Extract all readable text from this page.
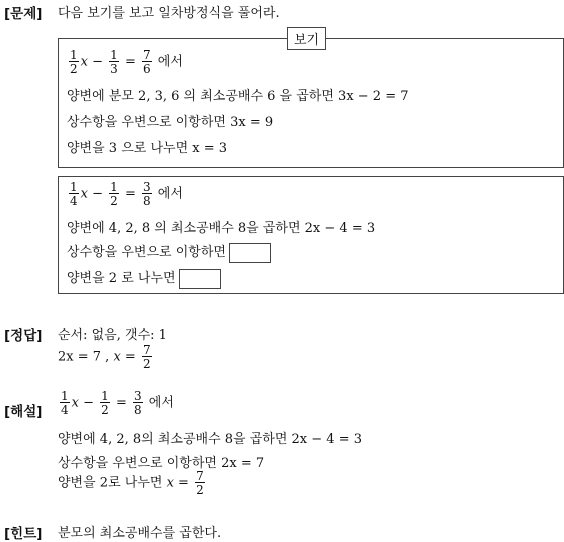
[문제] 다음 보기를 보고 일차방정식을 풀어라.
보기
$\frac{1}{2}$ $x - \frac{1}{3} = \frac{7}{6}$ 에서
양변에 분모 2, 3, 6 의 최소공배수 6 을 곱하면 3x − 2 = 7
상수항을 우변으로 이항하면 3x = 9
양변을 3 으로 나누면 x = 3
$\frac{1}{4}$ $x - \frac{1}{2} = \frac{3}{8}$ 에서
양변에 4, 2, 8 의 최소공배수 8을 곱하면 2x − 4 = 3
상수항을 우변으로 이항하면
양변을 2 로 나누면
[정답] 순서: 없음, 갯수: 1
2x = 7 , $x = \frac{7}{2}$
[해설] $\frac{1}{4}$ $x - \frac{1}{2} = \frac{3}{8}$ 에서
양변에 4, 2, 8의 최소공배수 8을 곱하면 2x − 4 = 3
상수항을 우변으로 이항하면 2x = 7
양변을 2로 나누면 $x = \frac{7}{2}$
[힌트] 분모의 최소공배수를 곱한다.
